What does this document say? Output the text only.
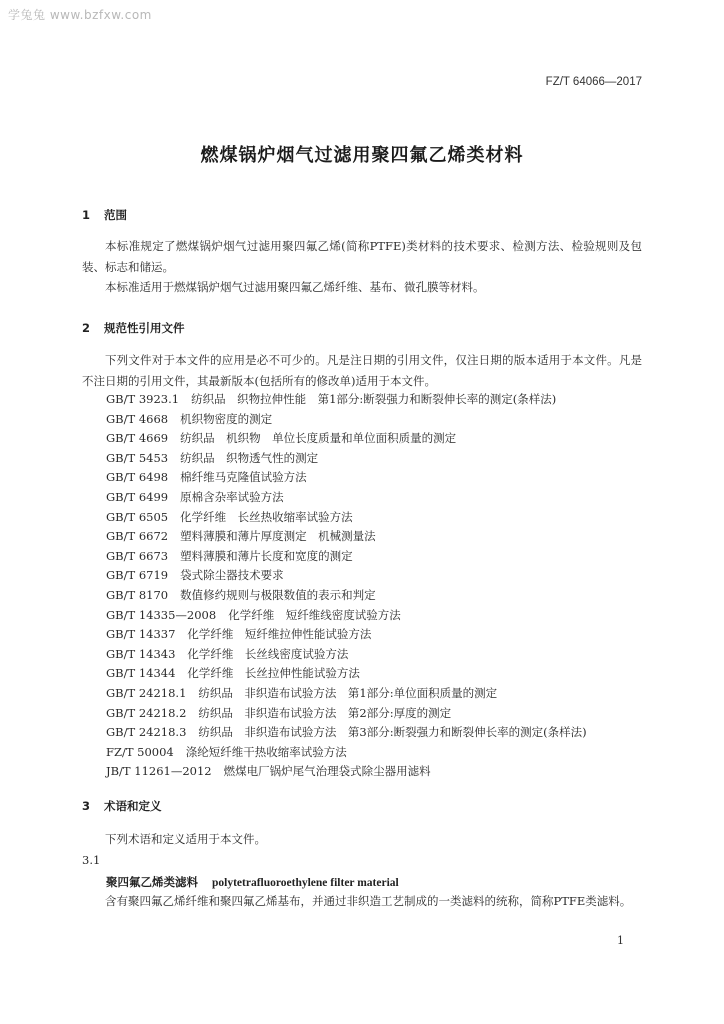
学兔兔 www.bzfxw.com
FZ/T 64066—2017
燃煤锅炉烟气过滤用聚四氟乙烯类材料
1 范围

本标准规定了燃煤锅炉烟气过滤用聚四氟乙烯(简称PTFE)类材料的技术要求、检测方法、检验规则及包装、标志和储运。

本标准适用于燃煤锅炉烟气过滤用聚四氟乙烯纤维、基布、微孔膜等材料。

2 规范性引用文件

下列文件对于本文件的应用是必不可少的。凡是注日期的引用文件，仅注日期的版本适用于本文件。凡是不注日期的引用文件，其最新版本(包括所有的修改单)适用于本文件。

GB/T 3923.1 纺织品　织物拉伸性能　第1部分:断裂强力和断裂伸长率的测定(条样法)
GB/T 4668 机织物密度的测定
GB/T 4669 纺织品　机织物　单位长度质量和单位面积质量的测定
GB/T 5453 纺织品　织物透气性的测定
GB/T 6498 棉纤维马克隆值试验方法
GB/T 6499 原棉含杂率试验方法
GB/T 6505 化学纤维　长丝热收缩率试验方法
GB/T 6672 塑料薄膜和薄片厚度测定　机械测量法
GB/T 6673 塑料薄膜和薄片长度和宽度的测定
GB/T 6719 袋式除尘器技术要求
GB/T 8170 数值修约规则与极限数值的表示和判定
GB/T 14335—2008 化学纤维　短纤维线密度试验方法
GB/T 14337 化学纤维　短纤维拉伸性能试验方法
GB/T 14343 化学纤维　长丝线密度试验方法
GB/T 14344 化学纤维　长丝拉伸性能试验方法
GB/T 24218.1 纺织品　非织造布试验方法　第1部分:单位面积质量的测定
GB/T 24218.2 纺织品　非织造布试验方法　第2部分:厚度的测定
GB/T 24218.3 纺织品　非织造布试验方法　第3部分:断裂强力和断裂伸长率的测定(条样法)
FZ/T 50004 涤纶短纤维干热收缩率试验方法
JB/T 11261—2012 燃煤电厂锅炉尾气治理袋式除尘器用滤料
3 术语和定义

下列术语和定义适用于本文件。

3.1
聚四氟乙烯类滤料 polytetrafluoroethylene filter material

含有聚四氟乙烯纤维和聚四氟乙烯基布，并通过非织造工艺制成的一类滤料的统称，简称PTFE类滤料。

1
